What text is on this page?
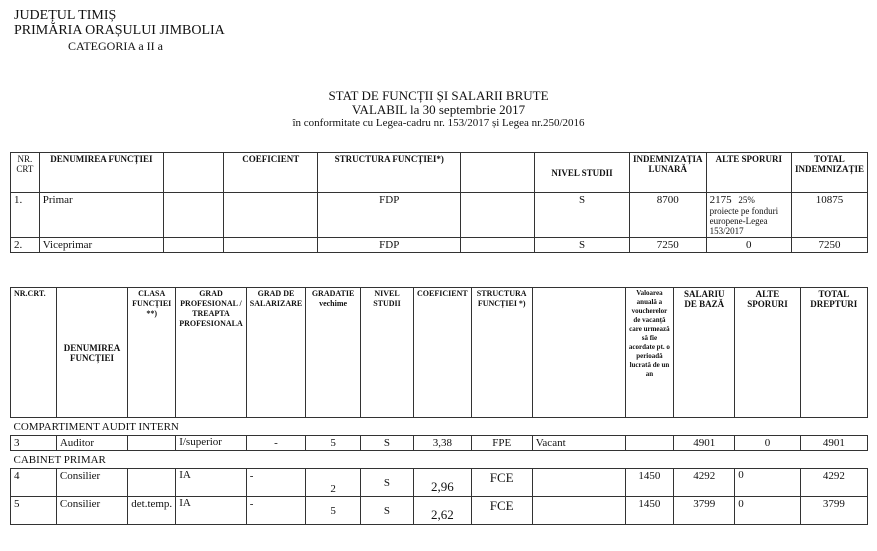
JUDEȚUL TIMIȘ
PRIMĂRIA ORAȘULUI JIMBOLIA
CATEGORIA a II a
STAT DE FUNCȚII ȘI SALARII BRUTE
VALABIL la 30 septembrie 2017
în conformitate cu Legea-cadru nr. 153/2017 și Legea nr.250/2016
NR. CRT	DENUMIREA FUNCȚIEI		COEFICIENT	STRUCTURA FUNCȚIEI*)		NIVEL STUDII	INDEMNIZAȚIA LUNARĂ	ALTE SPORURI	TOTAL INDEMNIZAȚIE
1.	Primar			FDP		S	8700	2175 25%
proiecte pe fonduri europene-Legea 153/2017	10875
2.	Viceprimar			FDP		S	7250	0	7250
NR.CRT.	DENUMIREA FUNCȚIEI	CLASA FUNCȚIEI **)	GRAD PROFESIONAL / TREAPTA PROFESIONALA	GRAD DE SALARIZARE	GRADATIE vechime	NIVEL STUDII	COEFICIENT	STRUCTURA FUNCȚIEI *)		Valoarea anuală a voucherelor de vacanță care urmează să fie acordate pt. o perioadă lucrată de un an	SALARIU DE BAZĂ	ALTE SPORURI	TOTAL DREPTURI
COMPARTIMENT AUDIT INTERN													
3	Auditor		I/superior	-	5	S	3,38	FPE	Vacant		4901	0	4901
CABINET PRIMAR													
4	Consilier		IA	-	2	S	2,96	FCE		1450	4292	0	4292
5	Consilier	det.temp.	IA	-	5	S	2,62	FCE		1450	3799	0	3799
